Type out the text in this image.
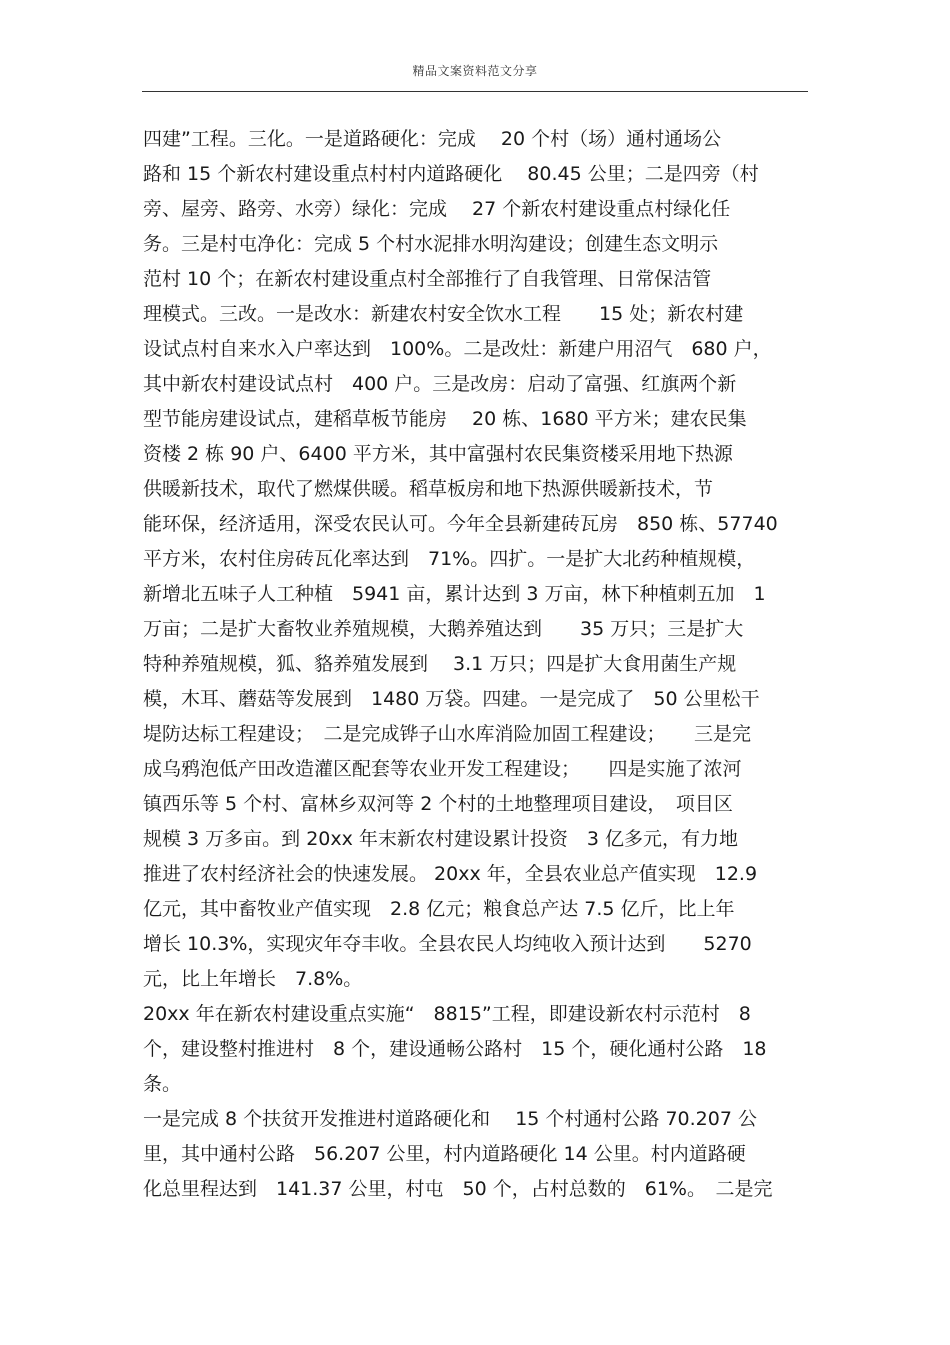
精品文案资料范文分享
四建”工程。三化。一是道路硬化：完成　 20 个村（场）通村通场公
路和 15 个新农村建设重点村村内道路硬化　 80.45 公里；二是四旁（村
旁、屋旁、路旁、水旁）绿化：完成　 27 个新农村建设重点村绿化任
务。三是村屯净化：完成 5 个村水泥排水明沟建设；创建生态文明示
范村 10 个；在新农村建设重点村全部推行了自我管理、日常保洁管
理模式。三改。一是改水：新建农村安全饮水工程　　15 处；新农村建
设试点村自来水入户率达到　100%。二是改灶：新建户用沼气　680 户，
其中新农村建设试点村　400 户。三是改房：启动了富强、红旗两个新
型节能房建设试点，建稻草板节能房　 20 栋、1680 平方米；建农民集
资楼 2 栋 90 户、6400 平方米，其中富强村农民集资楼采用地下热源
供暖新技术，取代了燃煤供暖。稻草板房和地下热源供暖新技术，节
能环保，经济适用，深受农民认可。今年全县新建砖瓦房　850 栋、57740
平方米，农村住房砖瓦化率达到　71%。四扩。一是扩大北药种植规模，
新增北五味子人工种植　5941 亩，累计达到 3 万亩，林下种植刺五加　1
万亩；二是扩大畜牧业养殖规模，大鹅养殖达到　　35 万只；三是扩大
特种养殖规模，狐、貉养殖发展到　 3.1 万只；四是扩大食用菌生产规
模，木耳、蘑菇等发展到　1480 万袋。四建。一是完成了　50 公里松干
堤防达标工程建设；　二是完成铧子山水库消险加固工程建设；　　三是完
成乌鸦泡低产田改造灌区配套等农业开发工程建设；　　四是实施了浓河
镇西乐等 5 个村、富林乡双河等 2 个村的土地整理项目建设，　项目区
规模 3 万多亩。到 20xx 年末新农村建设累计投资　3 亿多元，有力地
推进了农村经济社会的快速发展。 20xx 年，全县农业总产值实现　12.9
亿元，其中畜牧业产值实现　2.8 亿元；粮食总产达 7.5 亿斤，比上年
增长 10.3%，实现灾年夺丰收。全县农民人均纯收入预计达到　　5270
元，比上年增长　7.8%。
20xx 年在新农村建设重点实施“　8815”工程，即建设新农村示范村　8
个，建设整村推进村　8 个，建设通畅公路村　15 个，硬化通村公路　18
条。
一是完成 8 个扶贫开发推进村道路硬化和　 15 个村通村公路 70.207 公
里，其中通村公路　56.207 公里，村内道路硬化 14 公里。村内道路硬
化总里程达到　141.37 公里，村屯　50 个，占村总数的　61%。　二是完
